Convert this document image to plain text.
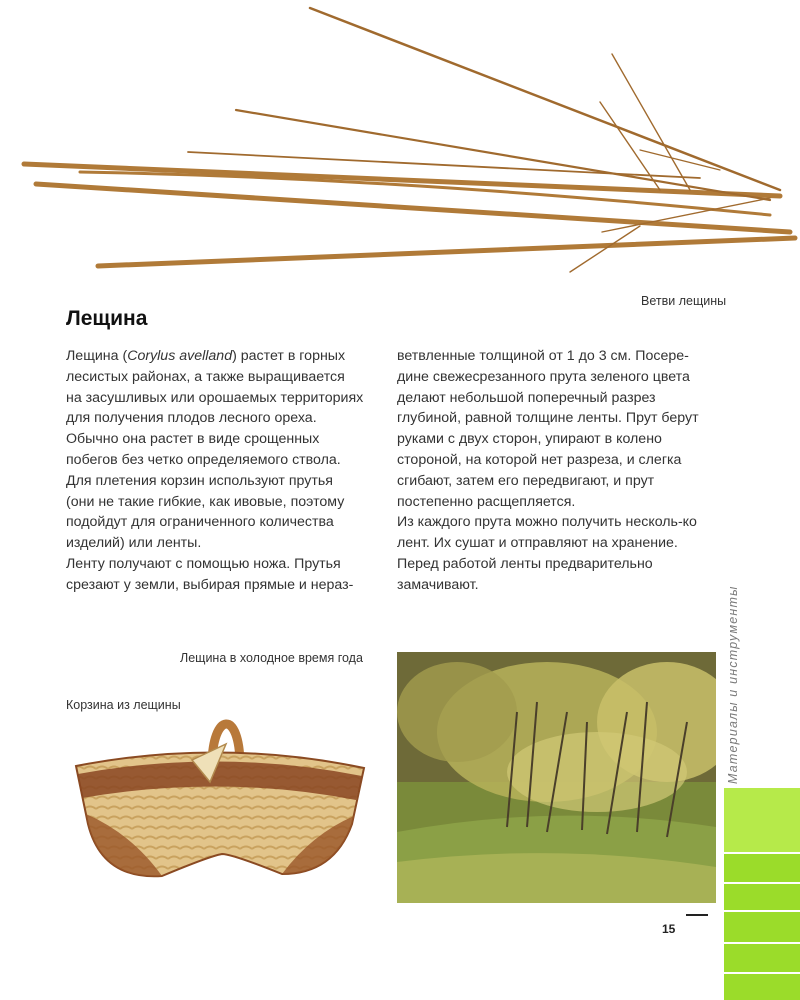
Ветви лещины
Лещина

Лещина (Corylus avelland) растет в горных лесистых районах, а также выращивается на засушливых или орошаемых территориях для получения плодов лесного ореха. Обычно она растет в виде срощенных побегов без четко определяемого ствола. Для плетения корзин используют прутья (они не такие гибкие, как ивовые, поэтому подойдут для ограниченного количества изделий) или ленты.

Ленту получают с помощью ножа. Прутья срезают у земли, выбирая прямые и нераз-

ветвленные толщиной от 1 до 3 см. Посере-дине свежесрезанного прута зеленого цвета делают небольшой поперечный разрез глубиной, равной толщине ленты. Прут берут руками с двух сторон, упирают в колено стороной, на которой нет разреза, и слегка сгибают, затем его передвигают, и прут постепенно расщепляется.

Из каждого прута можно получить несколь-ко лент. Их сушат и отправляют на хранение. Перед работой ленты предварительно замачивают.

Лещина в холодное время года
Корзина из лещины	Материалы и инструменты
15
